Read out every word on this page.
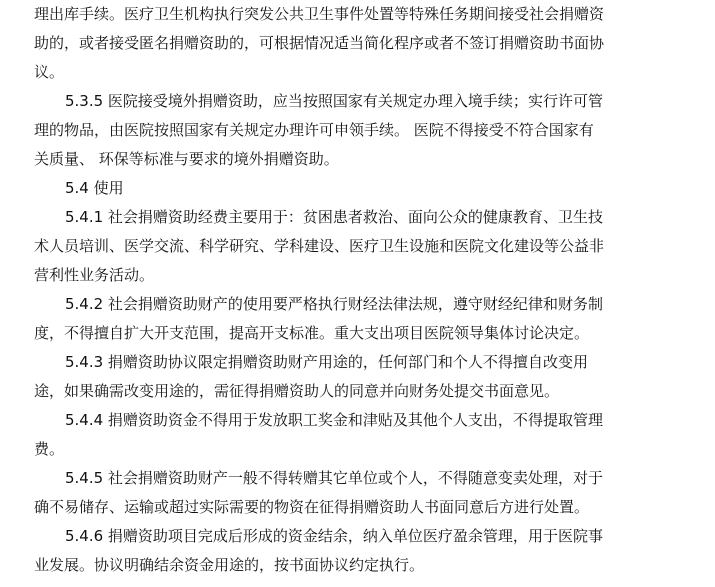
理出库手续。医疗卫生机构执行突发公共卫生事件处置等特殊任务期间接受社会捐赠资
助的，或者接受匿名捐赠资助的，可根据情况适当简化程序或者不签订捐赠资助书面协
议。
5.3.5 医院接受境外捐赠资助，应当按照国家有关规定办理入境手续；实行许可管
理的物品，由医院按照国家有关规定办理许可申领手续。 医院不得接受不符合国家有
关质量、 环保等标准与要求的境外捐赠资助。
5.4 使用
5.4.1 社会捐赠资助经费主要用于：贫困患者救治、面向公众的健康教育、卫生技
术人员培训、医学交流、科学研究、学科建设、医疗卫生设施和医院文化建设等公益非
营利性业务活动。
5.4.2 社会捐赠资助财产的使用要严格执行财经法律法规，遵守财经纪律和财务制
度，不得擅自扩大开支范围，提高开支标准。重大支出项目医院领导集体讨论决定。
5.4.3 捐赠资助协议限定捐赠资助财产用途的，任何部门和个人不得擅自改变用
途，如果确需改变用途的，需征得捐赠资助人的同意并向财务处提交书面意见。
5.4.4 捐赠资助资金不得用于发放职工奖金和津贴及其他个人支出，不得提取管理
费。
5.4.5 社会捐赠资助财产一般不得转赠其它单位或个人，不得随意变卖处理，对于
确不易储存、运输或超过实际需要的物资在征得捐赠资助人书面同意后方进行处置。
5.4.6 捐赠资助项目完成后形成的资金结余，纳入单位医疗盈余管理，用于医院事
业发展。协议明确结余资金用途的，按书面协议约定执行。
